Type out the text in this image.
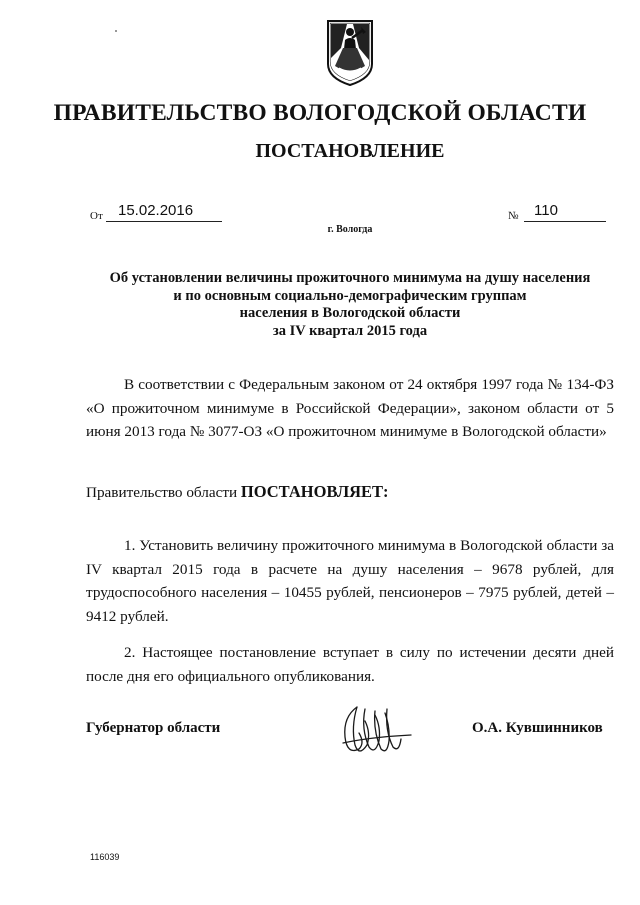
ПРАВИТЕЛЬСТВО ВОЛОГОДСКОЙ ОБЛАСТИ
ПОСТАНОВЛЕНИЕ
От	15.02.2016	№	110
г. Вологда
Об установлении величины прожиточного минимума на душу населения
и по основным социально-демографическим группам
населения в Вологодской области
за IV квартал 2015 года
В соответствии с Федеральным законом от 24 октября 1997 года № 134-ФЗ «О прожиточном минимуме в Российской Федерации», законом области от 5 июня 2013 года № 3077-ОЗ «О прожиточном минимуме в Вологодской области»
Правительство области ПОСТАНОВЛЯЕТ:
1. Установить величину прожиточного минимума в Вологодской области за IV квартал 2015 года в расчете на душу населения – 9678 рублей, для трудоспособного населения – 10455 рублей, пенсионеров – 7975 рублей, детей – 9412 рублей.
2. Настоящее постановление вступает в силу по истечении десяти дней после дня его официального опубликования.
Губернатор области	О.А. Кувшинников
116039
